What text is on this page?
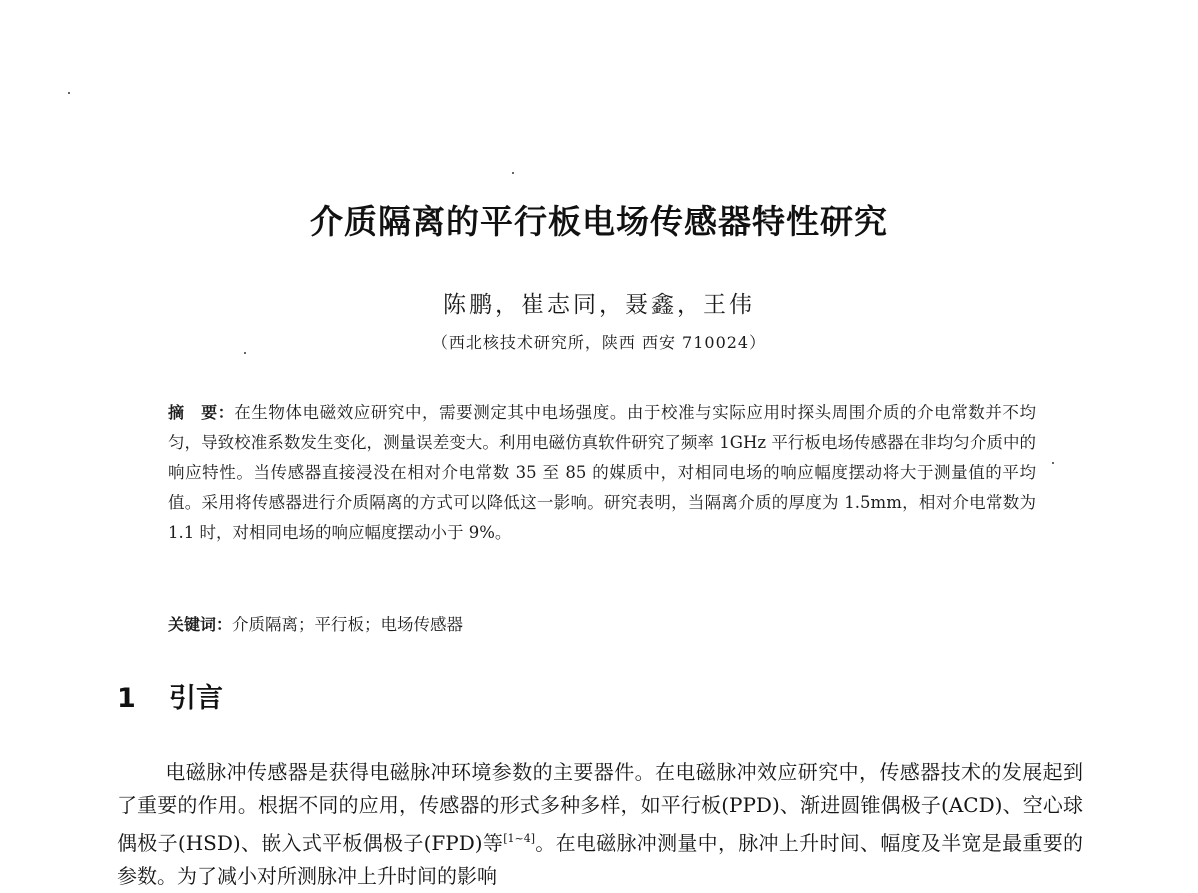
介质隔离的平行板电场传感器特性研究
陈鹏，崔志同，聂鑫，王伟
（西北核技术研究所，陕西 西安 710024）
摘　要：在生物体电磁效应研究中，需要测定其中电场强度。由于校准与实际应用时探头周围介质的介电常数并不均匀，导致校准系数发生变化，测量误差变大。利用电磁仿真软件研究了频率 1GHz 平行板电场传感器在非均匀介质中的响应特性。当传感器直接浸没在相对介电常数 35 至 85 的媒质中，对相同电场的响应幅度摆动将大于测量值的平均值。采用将传感器进行介质隔离的方式可以降低这一影响。研究表明，当隔离介质的厚度为 1.5mm，相对介电常数为 1.1 时，对相同电场的响应幅度摆动小于 9%。
关键词：介质隔离；平行板；电场传感器
1 引言
电磁脉冲传感器是获得电磁脉冲环境参数的主要器件。在电磁脉冲效应研究中，传感器技术的发展起到了重要的作用。根据不同的应用，传感器的形式多种多样，如平行板(PPD)、渐进圆锥偶极子(ACD)、空心球偶极子(HSD)、嵌入式平板偶极子(FPD)等[1~4]。在电磁脉冲测量中，脉冲上升时间、幅度及半宽是最重要的参数。为了减小对所测脉冲上升时间的影响
